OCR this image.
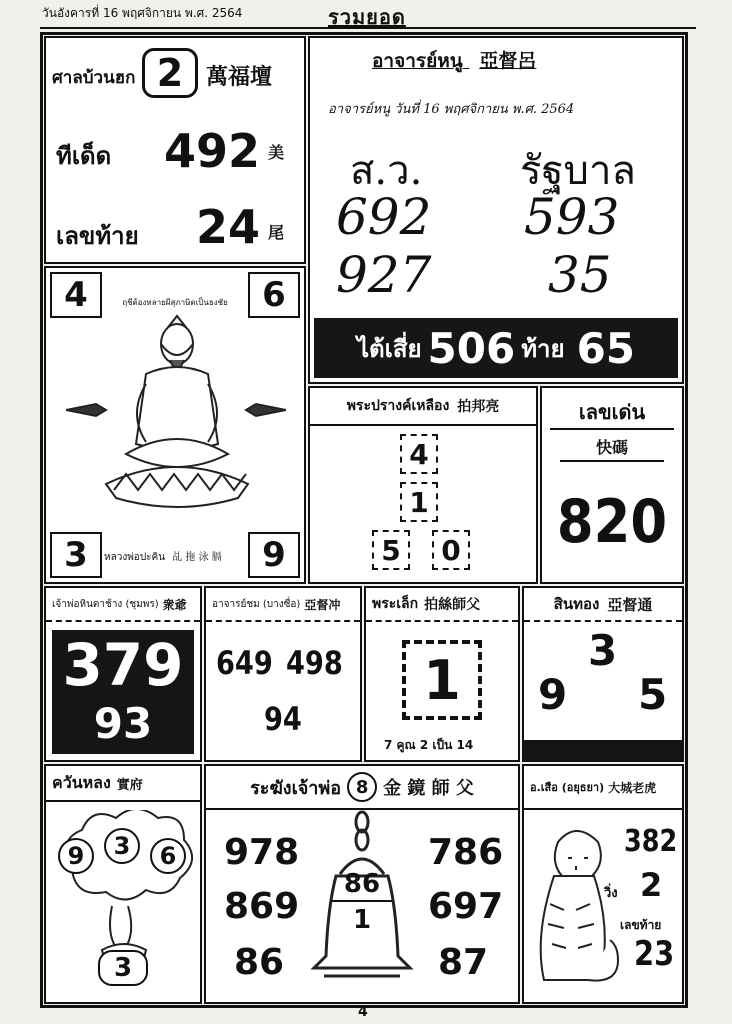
วันอังคารที่ 16 พฤศจิกายน พ.ศ. 2564	รวมยอด
ศาลบ้วนฮก 2	萬福壇
ทีเด็ด 492 美
เลขท้าย 24 尾
อาจารย์หนู 亞督呂
อาจารย์หนู วันที่ 16 พฤศจิกายน พ.ศ. 2564
ส.ว. รัฐบาล
692
927
593
35
ไต้เสี่ย 506 ท้าย 65
4	6
ฤชีต้องหลายผีสุภาษิตเป็นธงชัย
หลวงพ่อปะคิน 乩 拖 泳 膈
3	9
พระปรางค์เหลือง 拍邦亮
4
1
5	0
เลขเด่น
快碼
820
เจ้าพ่อหินตาช้าง (ชุมพร) 衆爺
379
93
อาจารย์ชม (บางซื่อ) 亞督冲
649 498
94
พระเล็ก 拍絲師父
1
7 คูณ 2 เป็น 14
สินทอง 亞督通
3
9 5
ควันหลง 實府
9	3	6
3
ระฆังเจ้าพ่อ 8 金 鏡 師 父
978
869
86
786
697
87
86
1
อ.เสือ (อยุธยา) 大城老虎
382
วิ่ง 2
เลขท้าย
23
4
